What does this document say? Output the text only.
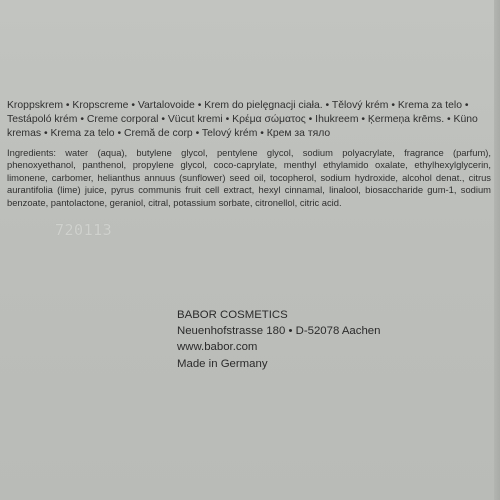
Kroppskrem • Kropscreme • Vartalovoide • Krem do pielęgnacji ciała. • Tělový krém • Krema za telo • Testápoló krém • Creme corporal • Vücut kremi • Κρέμα σώματος • Ihukreem • Ķermeņa krēms. • Küno kremas • Krema za telo • Cremă de corp • Telový krém • Крем за тяло
Ingredients: water (aqua), butylene glycol, pentylene glycol, sodium polyacrylate, fragrance (parfum), phenoxyethanol, panthenol, propylene glycol, coco-caprylate, menthyl ethylamido oxalate, ethylhexylglycerin, limonene, carbomer, helianthus annuus (sunflower) seed oil, tocopherol, sodium hydroxide, alcohol denat., citrus aurantifolia (lime) juice, pyrus communis fruit cell extract, hexyl cinnamal, linalool, biosaccharide gum-1, sodium benzoate, pantolactone, geraniol, citral, potassium sorbate, citronellol, citric acid.
720113
BABOR COSMETICS
Neuenhofstrasse 180 • D-52078 Aachen
www.babor.com
Made in Germany
